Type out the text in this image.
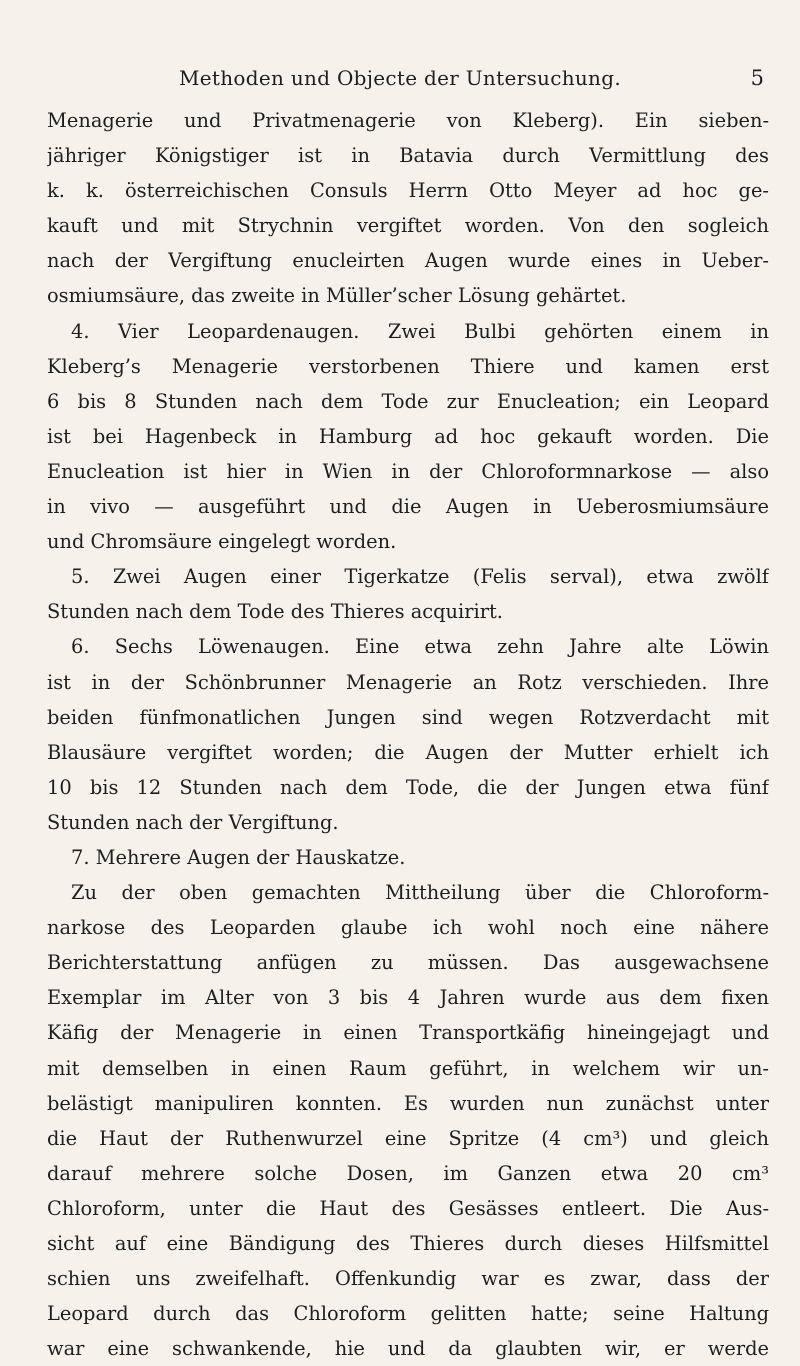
Methoden und Objecte der Untersuchung.	5
Menagerie und Privatmenagerie von Kleberg). Ein sieben-
jähriger Königstiger ist in Batavia durch Vermittlung des
k. k. österreichischen Consuls Herrn Otto Meyer ad hoc ge-
kauft und mit Strychnin vergiftet worden. Von den sogleich
nach der Vergiftung enucleirten Augen wurde eines in Ueber-
osmiumsäure, das zweite in Müller’scher Lösung gehärtet.
4. Vier Leopardenaugen. Zwei Bulbi gehörten einem in
Kleberg’s Menagerie verstorbenen Thiere und kamen erst
6 bis 8 Stunden nach dem Tode zur Enucleation; ein Leopard
ist bei Hagenbeck in Hamburg ad hoc gekauft worden. Die
Enucleation ist hier in Wien in der Chloroformnarkose — also
in vivo — ausgeführt und die Augen in Ueberosmiumsäure
und Chromsäure eingelegt worden.
5. Zwei Augen einer Tigerkatze (Felis serval), etwa zwölf
Stunden nach dem Tode des Thieres acquirirt.
6. Sechs Löwenaugen. Eine etwa zehn Jahre alte Löwin
ist in der Schönbrunner Menagerie an Rotz verschieden. Ihre
beiden fünfmonatlichen Jungen sind wegen Rotzverdacht mit
Blausäure vergiftet worden; die Augen der Mutter erhielt ich
10 bis 12 Stunden nach dem Tode, die der Jungen etwa fünf
Stunden nach der Vergiftung.
7. Mehrere Augen der Hauskatze.
Zu der oben gemachten Mittheilung über die Chloroform-
narkose des Leoparden glaube ich wohl noch eine nähere
Berichterstattung anfügen zu müssen. Das ausgewachsene
Exemplar im Alter von 3 bis 4 Jahren wurde aus dem fixen
Käfig der Menagerie in einen Transportkäfig hineingejagt und
mit demselben in einen Raum geführt, in welchem wir un-
belästigt manipuliren konnten. Es wurden nun zunächst unter
die Haut der Ruthenwurzel eine Spritze (4 cm³) und gleich
darauf mehrere solche Dosen, im Ganzen etwa 20 cm³
Chloroform, unter die Haut des Gesässes entleert. Die Aus-
sicht auf eine Bändigung des Thieres durch dieses Hilfsmittel
schien uns zweifelhaft. Offenkundig war es zwar, dass der
Leopard durch das Chloroform gelitten hatte; seine Haltung
war eine schwankende, hie und da glaubten wir, er werde
